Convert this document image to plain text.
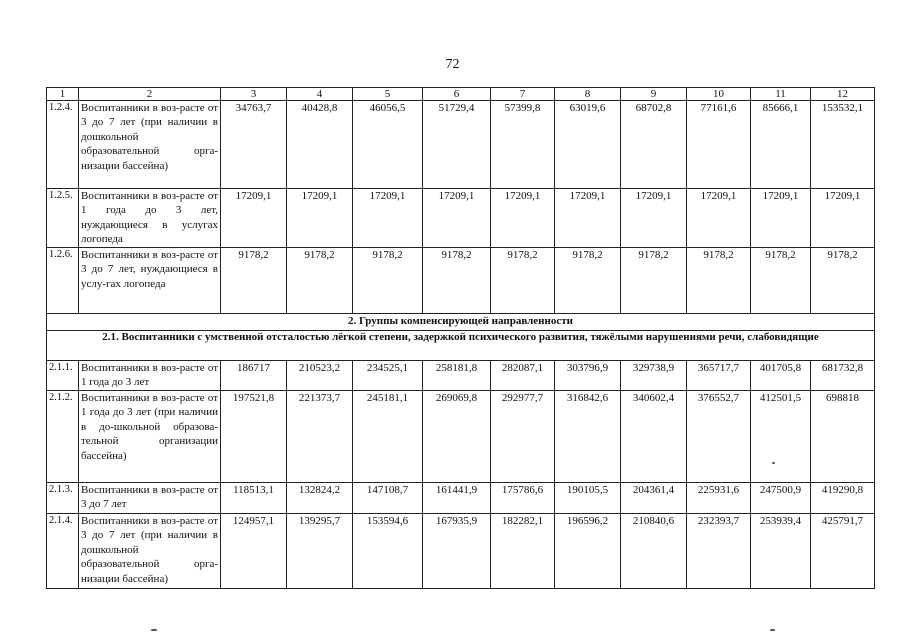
72
1	2	3	4	5	6	7	8	9	10	11	12
1.2.4.	Воспитанники в воз-расте от 3 до 7 лет (при наличии в дошкольной образовательной орга-низации бассейна)	34763,7	40428,8	46056,5	51729,4	57399,8	63019,6	68702,8	77161,6	85666,1	153532,1
1.2.5.	Воспитанники в воз-расте от 1 года до 3 лет, нуждающиеся в услугах логопеда	17209,1	17209,1	17209,1	17209,1	17209,1	17209,1	17209,1	17209,1	17209,1	17209,1
1.2.6.	Воспитанники в воз-расте от 3 до 7 лет, нуждающиеся в услу-гах логопеда	9178,2	9178,2	9178,2	9178,2	9178,2	9178,2	9178,2	9178,2	9178,2	9178,2
2. Группы компенсирующей направленности											
2.1. Воспитанники с умственной отсталостью лёгкой степени, задержкой психического развития, тяжёлыми нарушениями речи, слабовидящие											
2.1.1.	Воспитанники в воз-расте от 1 года до 3 лет	186717	210523,2	234525,1	258181,8	282087,1	303796,9	329738,9	365717,7	401705,8	681732,8
2.1.2.	Воспитанники в воз-расте от 1 года до 3 лет (при наличии в до-школьной образова-тельной организации бассейна)	197521,8	221373,7	245181,1	269069,8	292977,7	316842,6	340602,4	376552,7	412501,5	698818
2.1.3.	Воспитанники в воз-расте от 3 до 7 лет	118513,1	132824,2	147108,7	161441,9	175786,6	190105,5	204361,4	225931,6	247500,9	419290,8
2.1.4.	Воспитанники в воз-расте от 3 до 7 лет (при наличии в дошкольной образовательной орга-низации бассейна)	124957,1	139295,7	153594,6	167935,9	182282,1	196596,2	210840,6	232393,7	253939,4	425791,7
